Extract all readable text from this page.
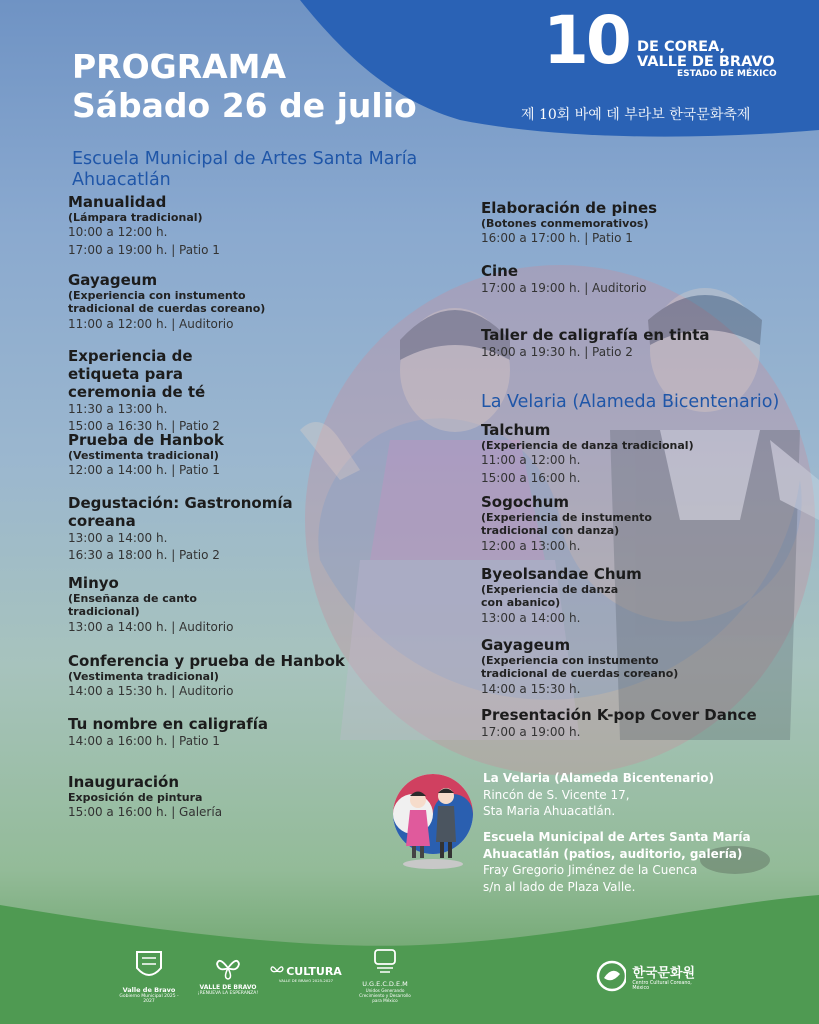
PROGRAMA
Sábado 26 de julio
10 DE COREA,
VALLE DE BRAVO
ESTADO DE MÉXICO
제 10회 바예 데 부라보 한국문화축제
Escuela Municipal de Artes Santa María Ahuacatlán
Manualidad
(Lámpara tradicional)
10:00 a 12:00 h.
17:00 a 19:00 h. | Patio 1
Gayageum
(Experiencia con instumento tradicional de cuerdas coreano)
11:00 a 12:00 h. | Auditorio
Experiencia de etiqueta para ceremonia de té
11:30 a 13:00 h.
15:00 a 16:30 h. | Patio 2
Prueba de Hanbok
(Vestimenta tradicional)
12:00 a 14:00 h. | Patio 1
Degustación: Gastronomía coreana
13:00 a 14:00 h.
16:30 a 18:00 h. | Patio 2
Minyo
(Enseñanza de canto tradicional)
13:00 a 14:00 h. | Auditorio
Conferencia y prueba de Hanbok
(Vestimenta tradicional)
14:00 a 15:30 h. | Auditorio
Tu nombre en caligrafía
14:00 a 16:00 h. | Patio 1
Inauguración
Exposición de pintura
15:00 a 16:00 h. | Galería
Elaboración de pines
(Botones conmemorativos)
16:00 a 17:00 h. | Patio 1
Cine
17:00 a 19:00 h. | Auditorio
Taller de caligrafía en tinta
18:00 a 19:30 h. | Patio 2
La Velaria (Alameda Bicentenario)
Talchum
(Experiencia de danza tradicional)
11:00 a 12:00 h.
15:00 a 16:00 h.
Sogochum
(Experiencia de instumento tradicional con danza)
12:00 a 13:00 h.
Byeolsandae Chum
(Experiencia de danza con abanico)
13:00 a 14:00 h.
Gayageum
(Experiencia con instumento tradicional de cuerdas coreano)
14:00 a 15:30 h.
Presentación K-pop Cover Dance
17:00 a 19:00 h.
La Velaria (Alameda Bicentenario)
Rincón de S. Vicente 17,
Sta Maria Ahuacatlán.
Escuela Municipal de Artes Santa María
Ahuacatlán (patios, auditorio, galería)
Fray Gregorio Jiménez de la Cuenca
s/n al lado de Plaza Valle.
Valle de Bravo
Gobierno Municipal 2025 - 2027
VALLE DE BRAVO
¡RENUEVA LA ESPERANZA!
CULTURA
VALLE DE BRAVO 2025-2027	U.G.E.C.D.E.M
Unidos Generando Crecimiento y Desarrollo para México
한국문화원
Centro Cultural Coreano, México
